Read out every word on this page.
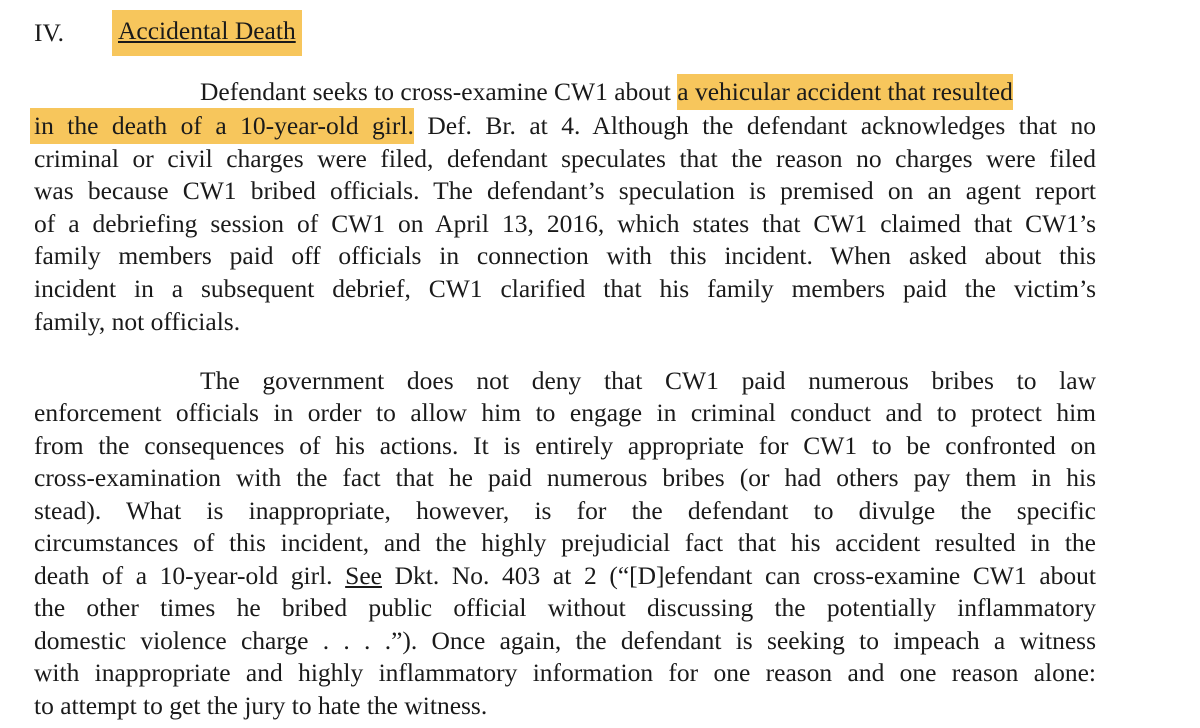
IV. Accidental Death
Defendant seeks to cross-examine CW1 about a vehicular accident that resulted
in the death of a 10-year-old girl. Def. Br. at 4. Although the defendant acknowledges that no
criminal or civil charges were filed, defendant speculates that the reason no charges were filed
was because CW1 bribed officials. The defendant’s speculation is premised on an agent report
of a debriefing session of CW1 on April 13, 2016, which states that CW1 claimed that CW1’s
family members paid off officials in connection with this incident. When asked about this
incident in a subsequent debrief, CW1 clarified that his family members paid the victim’s
family, not officials.
The government does not deny that CW1 paid numerous bribes to law
enforcement officials in order to allow him to engage in criminal conduct and to protect him
from the consequences of his actions. It is entirely appropriate for CW1 to be confronted on
cross-examination with the fact that he paid numerous bribes (or had others pay them in his
stead). What is inappropriate, however, is for the defendant to divulge the specific
circumstances of this incident, and the highly prejudicial fact that his accident resulted in the
death of a 10-year-old girl. See Dkt. No. 403 at 2 (“[D]efendant can cross-examine CW1 about
the other times he bribed public official without discussing the potentially inflammatory
domestic violence charge . . . .”). Once again, the defendant is seeking to impeach a witness
with inappropriate and highly inflammatory information for one reason and one reason alone:
to attempt to get the jury to hate the witness.
